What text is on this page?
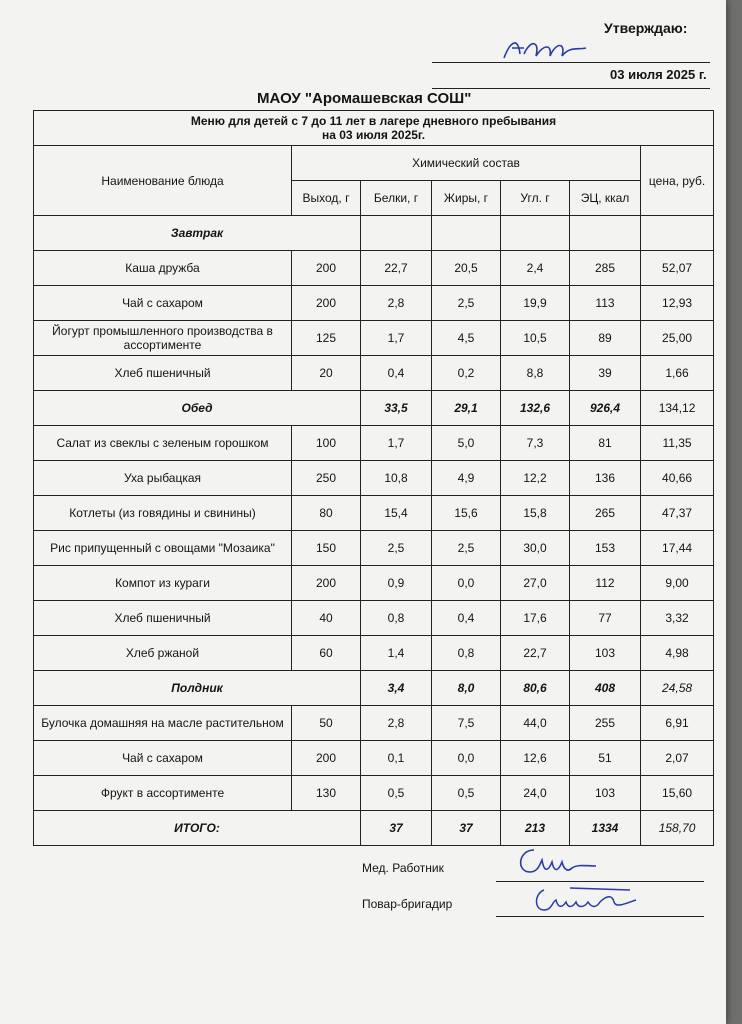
Утверждаю:
03 июля 2025 г.
МАОУ "Аромашевская СОШ"
Меню для детей с 7 до 11 лет в лагере дневного пребывания
на 03 июля 2025г.						

Наименование блюда	Химический состав					цена, руб.
	Выход, г	Белки, г	Жиры, г	Угл. г	ЭЦ, ккал	
Завтрак						
Каша дружба	200	22,7	20,5	2,4	285	52,07
Чай с сахаром	200	2,8	2,5	19,9	113	12,93
Йогурт промышленного производства в ассортименте	125	1,7	4,5	10,5	89	25,00
Хлеб пшеничный	20	0,4	0,2	8,8	39	1,66
Обед		33,5	29,1	132,6	926,4	134,12
Салат из свеклы с зеленым горошком	100	1,7	5,0	7,3	81	11,35
Уха рыбацкая	250	10,8	4,9	12,2	136	40,66
Котлеты (из говядины и свинины)	80	15,4	15,6	15,8	265	47,37
Рис припущенный с овощами "Мозаика"	150	2,5	2,5	30,0	153	17,44
Компот из кураги	200	0,9	0,0	27,0	112	9,00
Хлеб пшеничный	40	0,8	0,4	17,6	77	3,32
Хлеб ржаной	60	1,4	0,8	22,7	103	4,98
Полдник		3,4	8,0	80,6	408	24,58
Булочка домашняя на масле растительном	50	2,8	7,5	44,0	255	6,91
Чай с сахаром	200	0,1	0,0	12,6	51	2,07
Фрукт в ассортименте	130	0,5	0,5	24,0	103	15,60
ИТОГО:		37	37	213	1334	158,70
Мед. Работник
Повар-бригадир
